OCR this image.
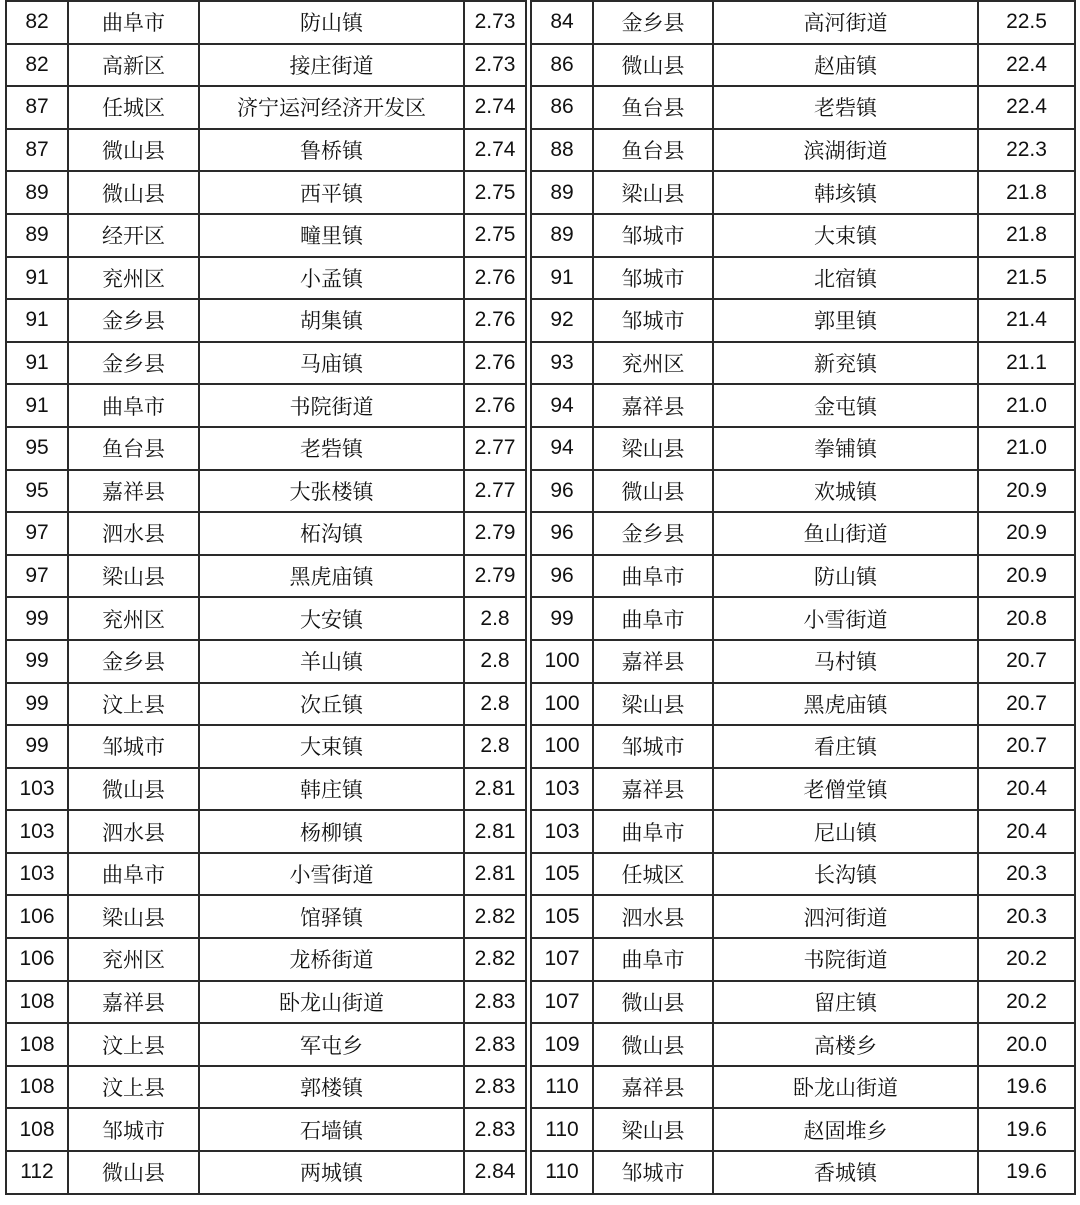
82	曲阜市	防山镇	2.73
82	高新区	接庄街道	2.73
87	任城区	济宁运河经济开发区	2.74
87	微山县	鲁桥镇	2.74
89	微山县	西平镇	2.75
89	经开区	疃里镇	2.75
91	兖州区	小孟镇	2.76
91	金乡县	胡集镇	2.76
91	金乡县	马庙镇	2.76
91	曲阜市	书院街道	2.76
95	鱼台县	老砦镇	2.77
95	嘉祥县	大张楼镇	2.77
97	泗水县	柘沟镇	2.79
97	梁山县	黑虎庙镇	2.79
99	兖州区	大安镇	2.8
99	金乡县	羊山镇	2.8
99	汶上县	次丘镇	2.8
99	邹城市	大束镇	2.8
103	微山县	韩庄镇	2.81
103	泗水县	杨柳镇	2.81
103	曲阜市	小雪街道	2.81
106	梁山县	馆驿镇	2.82
106	兖州区	龙桥街道	2.82
108	嘉祥县	卧龙山街道	2.83
108	汶上县	军屯乡	2.83
108	汶上县	郭楼镇	2.83
108	邹城市	石墙镇	2.83
112	微山县	两城镇	2.84
84	金乡县	高河街道	22.5
86	微山县	赵庙镇	22.4
86	鱼台县	老砦镇	22.4
88	鱼台县	滨湖街道	22.3
89	梁山县	韩垓镇	21.8
89	邹城市	大束镇	21.8
91	邹城市	北宿镇	21.5
92	邹城市	郭里镇	21.4
93	兖州区	新兖镇	21.1
94	嘉祥县	金屯镇	21.0
94	梁山县	拳铺镇	21.0
96	微山县	欢城镇	20.9
96	金乡县	鱼山街道	20.9
96	曲阜市	防山镇	20.9
99	曲阜市	小雪街道	20.8
100	嘉祥县	马村镇	20.7
100	梁山县	黑虎庙镇	20.7
100	邹城市	看庄镇	20.7
103	嘉祥县	老僧堂镇	20.4
103	曲阜市	尼山镇	20.4
105	任城区	长沟镇	20.3
105	泗水县	泗河街道	20.3
107	曲阜市	书院街道	20.2
107	微山县	留庄镇	20.2
109	微山县	高楼乡	20.0
110	嘉祥县	卧龙山街道	19.6
110	梁山县	赵固堆乡	19.6
110	邹城市	香城镇	19.6
